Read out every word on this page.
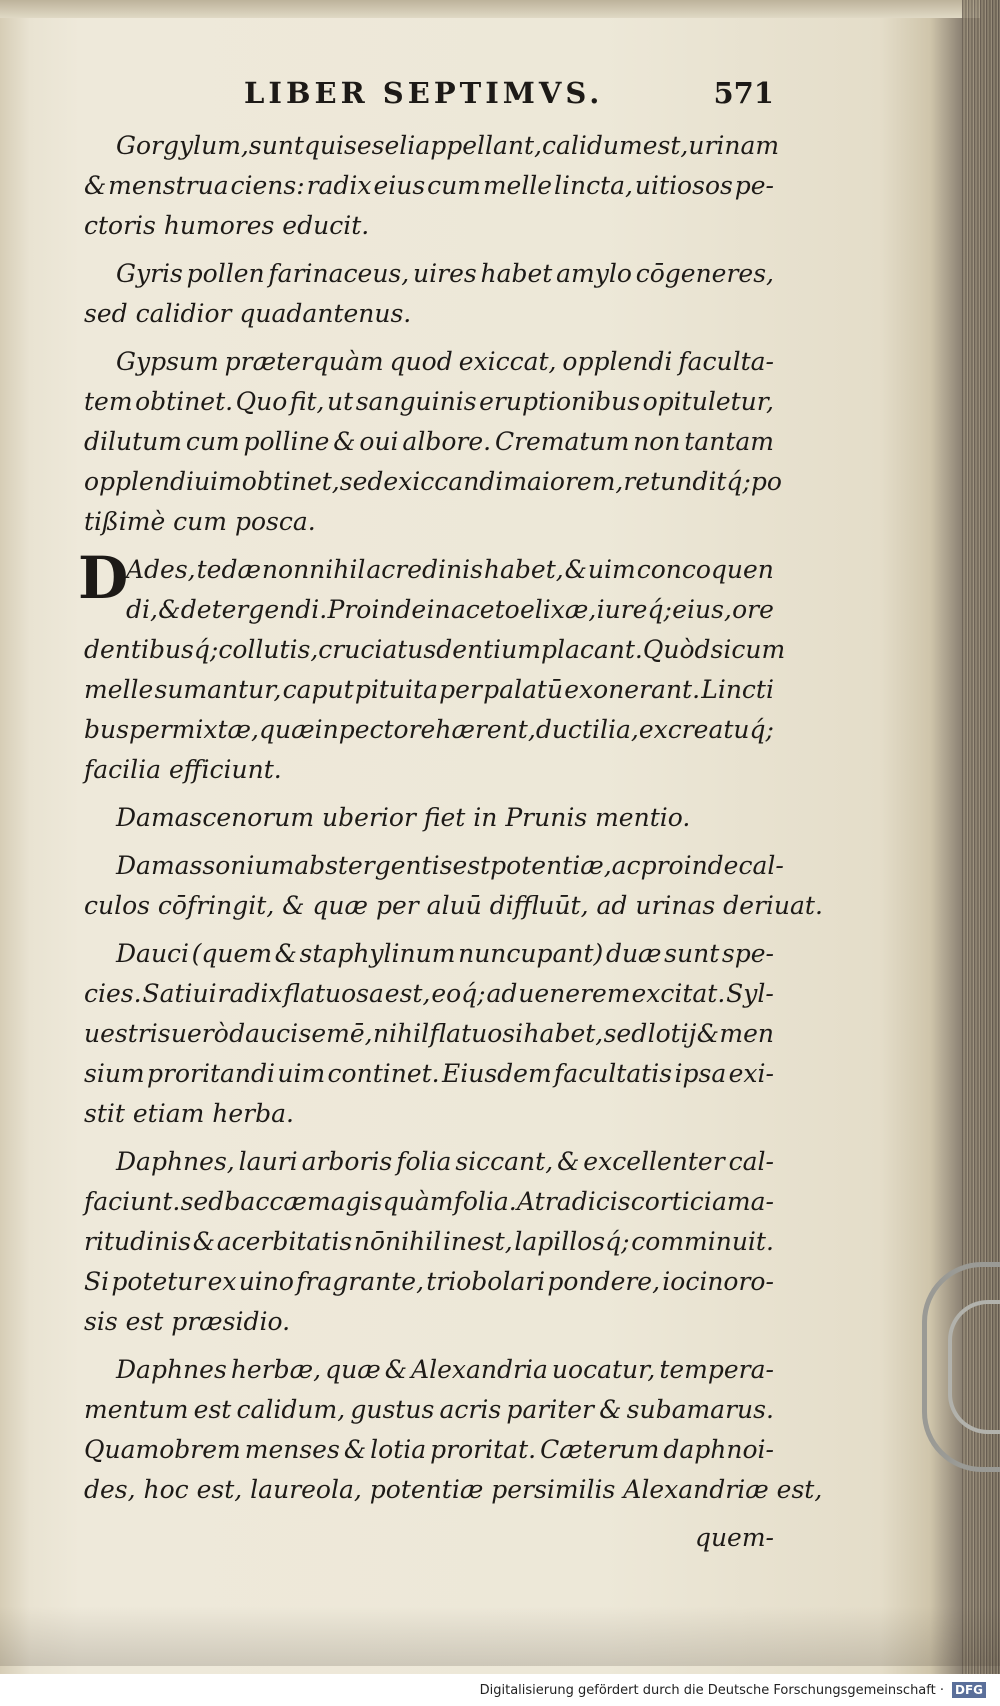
LIBER SEPTIMVS.	571
Gorgylum, sunt qui seseli appellant, calidum est, urinam
& menstrua ciens: radix eius cum melle lincta, uitiosos pe-
ctoris humores educit.
Gyris pollen farinaceus, uires habet amylo cōgeneres,
sed calidior quadantenus.
Gypsum præterquàm quod exiccat, opplendi faculta-
tem obtinet. Quo fit, ut sanguinis eruptionibus opituletur,
dilutum cum polline & oui albore. Crematum non tantam
opplendi uim obtinet, sed exiccandi maiorem, retunditq́; po
tißimè cum posca.
D
Ades, tedæ nonnihil acredinis habet, & uim concoquen
di, & detergendi. Proinde in aceto elixæ, iureq́; eius, ore
dentibusq́; collutis, cruciatus dentium placant. Quòd si cum
melle sumantur, caput pituita per palatū exonerant. Lincti
bus permixtæ, quæ in pectore hærent, ductilia, excreatuq́;
facilia efficiunt.
Damascenorum uberior fiet in Prunis mentio.
Damassonium abstergentis est potentiæ, ac proinde cal-
culos cōfringit, & quæ per aluū diffluūt, ad urinas deriuat.
Dauci (quem & staphylinum nuncupant) duæ sunt spe-
cies. Satiui radix flatuosa est, eoq́; ad uenerem excitat. Syl-
uestris uerò dauci semē, nihil flatuosi habet, sed lotij & men
sium proritandi uim continet. Eiusdem facultatis ipsa exi-
stit etiam herba.
Daphnes, lauri arboris folia siccant, & excellenter cal-
faciunt. sed baccæ magis quàm folia. At radicis cortici ama-
ritudinis & acerbitatis nōnihil inest, lapillosq́; comminuit.
Si potetur ex uino fragrante, triobolari pondere, iocinoro-
sis est præsidio.
Daphnes herbæ, quæ & Alexandria uocatur, tempera-
mentum est calidum, gustus acris pariter & subamarus.
Quamobrem menses & lotia proritat. Cæterum daphnoi-
des, hoc est, laureola, potentiæ persimilis Alexandriæ est,
quem-
Digitalisierung gefördert durch die Deutsche Forschungsgemeinschaft · DFG
